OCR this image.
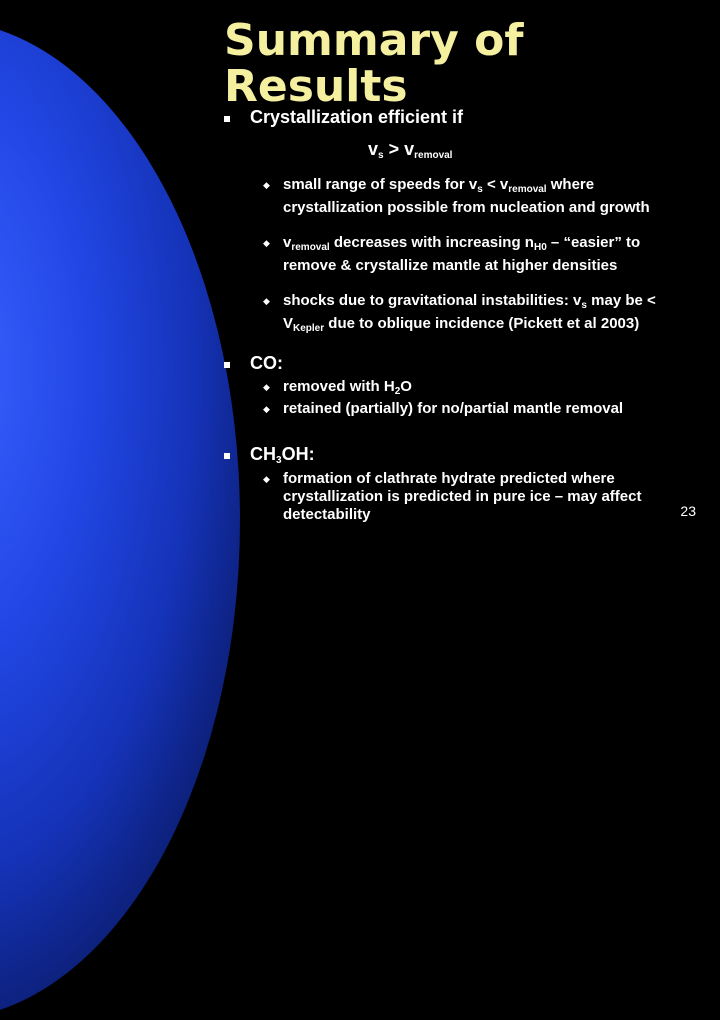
Summary of
Results
Crystallization efficient if
$v_s > v_{removal}$
◆
small range of speeds for $v_s < v_{removal}$ where crystallization possible from nucleation and growth
◆
$v_{removal}$ decreases with increasing $n_{H0}$ – “easier” to remove & crystallize mantle at higher densities
◆
shocks due to gravitational instabilities: $v_s$ may be < $V_{Kepler}$ due to oblique incidence (Pickett et al 2003)
CO:
◆
removed with $H_2O$
◆
retained (partially) for no/partial mantle removal
$CH_3OH$:
◆
formation of clathrate hydrate predicted where crystallization is predicted in pure ice – may affect detectability	23
